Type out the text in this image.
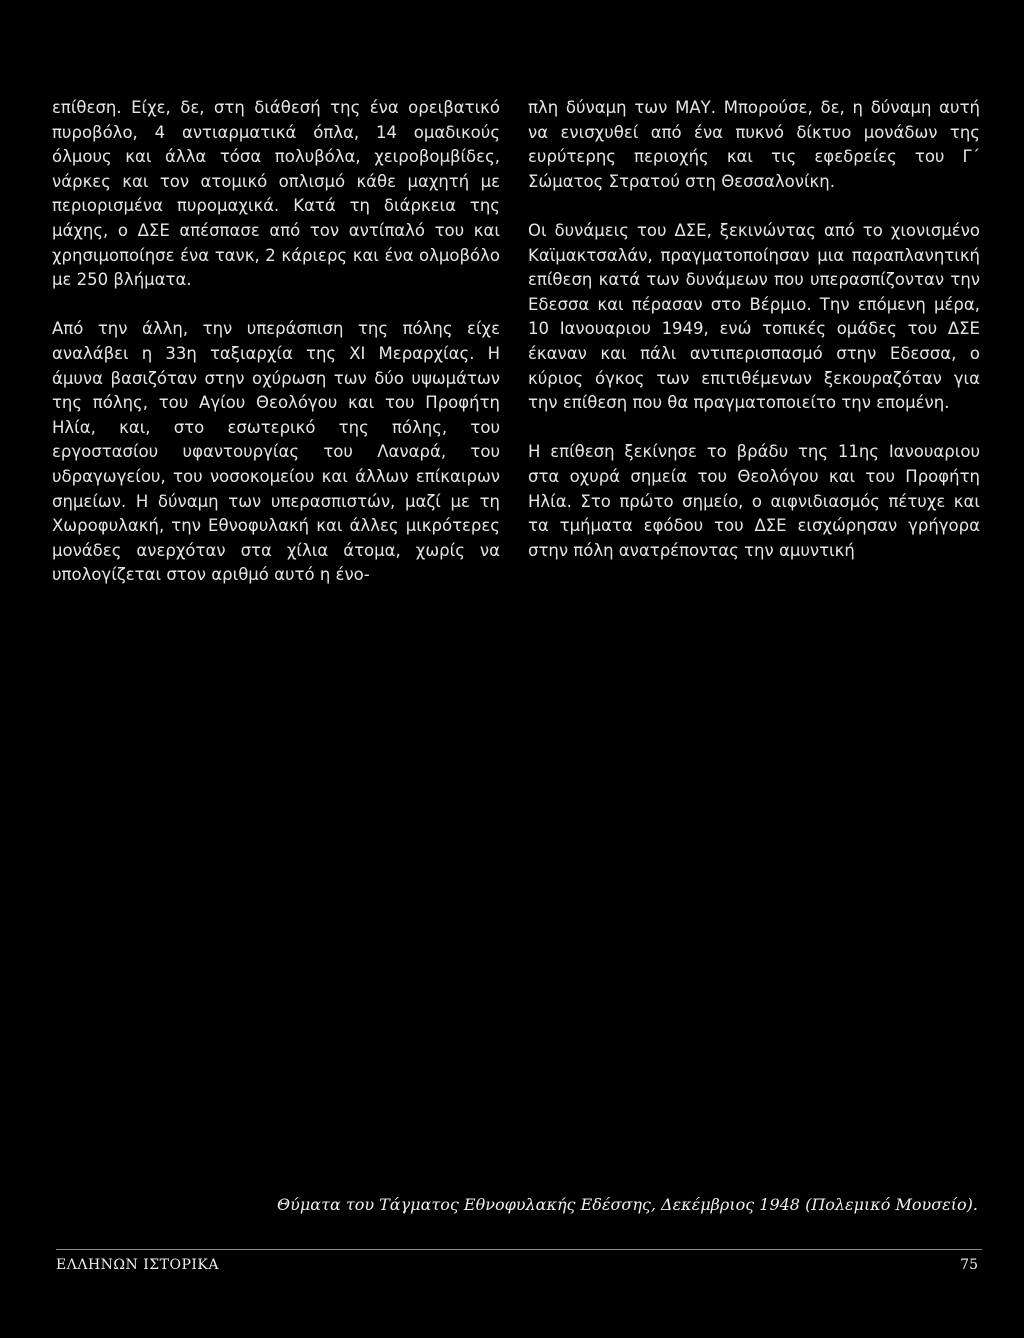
επίθεση. Είχε, δε, στη διάθεσή της ένα ορειβατικό πυροβόλο, 4 αντιαρματικά όπλα, 14 ομαδικούς όλμους και άλλα τόσα πολυβόλα, χειροβομβίδες, νάρκες και τον ατομικό οπλισμό κάθε μαχητή με περιορισμένα πυρομαχικά. Κατά τη διάρκεια της μάχης, ο ΔΣΕ απέσπασε από τον αντίπαλό του και χρησιμοποίησε ένα τανκ, 2 κάριερς και ένα ολμοβόλο με 250 βλήματα.

Από την άλλη, την υπεράσπιση της πόλης είχε αναλάβει η 33η ταξιαρχία της XI Μεραρχίας. Η άμυνα βασιζόταν στην οχύρωση των δύο υψωμάτων της πόλης, του Αγίου Θεολόγου και του Προφήτη Ηλία, και, στο εσωτερικό της πόλης, του εργοστασίου υφαντουργίας του Λαναρά, του υδραγωγείου, του νοσοκομείου και άλλων επίκαιρων σημείων. Η δύναμη των υπερασπιστών, μαζί με τη Χωροφυλακή, την Εθνοφυλακή και άλλες μικρότερες μονάδες ανερχόταν στα χίλια άτομα, χωρίς να υπολογίζεται στον αριθμό αυτό η ένο-

πλη δύναμη των ΜΑΥ. Μπορούσε, δε, η δύναμη αυτή να ενισχυθεί από ένα πυκνό δίκτυο μονάδων της ευρύτερης περιοχής και τις εφεδρείες του Γ΄ Σώματος Στρατού στη Θεσσαλονίκη.

Οι δυνάμεις του ΔΣΕ, ξεκινώντας από το χιονισμένο Καϊμακτσαλάν, πραγματοποίησαν μια παραπλανητική επίθεση κατά των δυνάμεων που υπερασπίζονταν την Εδεσσα και πέρασαν στο Βέρμιο. Την επόμενη μέρα, 10 Ιανουαριου 1949, ενώ τοπικές ομάδες του ΔΣΕ έκαναν και πάλι αντιπερισπασμό στην Εδεσσα, ο κύριος όγκος των επιτιθέμενων ξεκουραζόταν για την επίθεση που θα πραγματοποιείτο την επομένη.

Η επίθεση ξεκίνησε το βράδυ της 11ης Ιανουαριου στα οχυρά σημεία του Θεολόγου και του Προφήτη Ηλία. Στο πρώτο σημείο, ο αιφνιδιασμός πέτυχε και τα τμήματα εφόδου του ΔΣΕ εισχώρησαν γρήγορα στην πόλη ανατρέποντας την αμυντική

Θύματα του Τάγματος Εθνοφυλακής Εδέσσης, Δεκέμβριος 1948 (Πολεμικό Μουσείο).
ΕΛΛΗΝΩΝ ΙΣΤΟΡΙΚΑ	75
